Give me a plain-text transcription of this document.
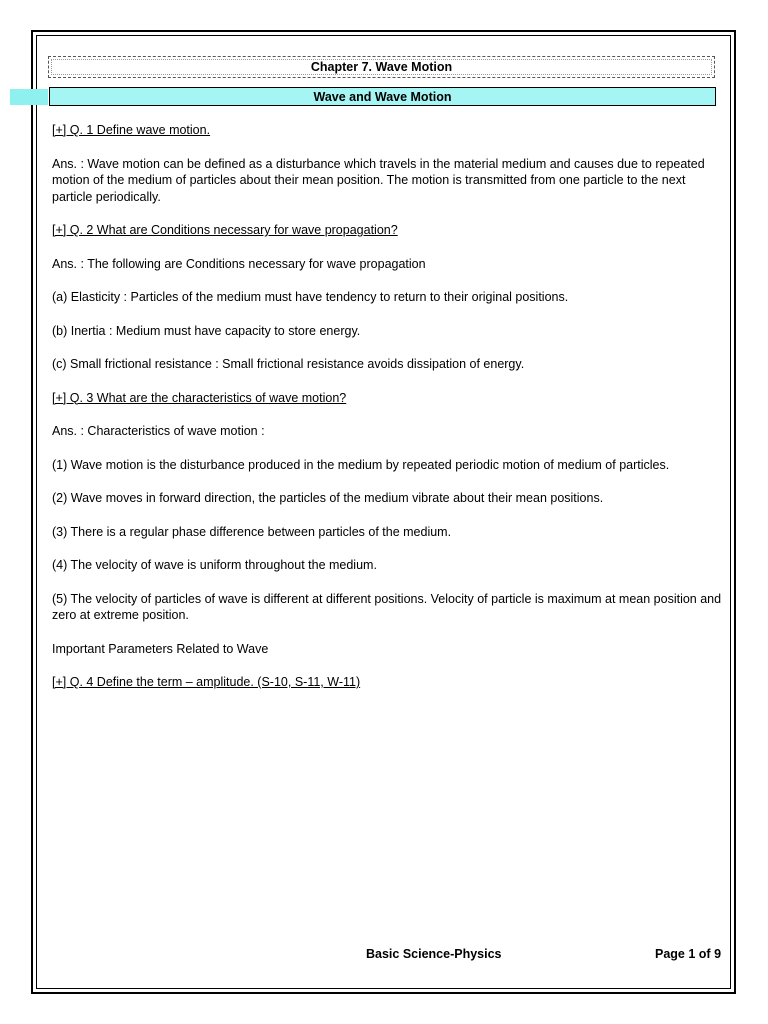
Chapter 7. Wave Motion
Wave and Wave Motion

[+] Q. 1 Define wave motion.

Ans. : Wave motion can be defined as a disturbance which travels in the material medium and causes due to repeated motion of the medium of particles about their mean position. The motion is transmitted from one particle to the next particle periodically.

[+] Q. 2 What are Conditions necessary for wave propagation?

Ans. : The following are Conditions necessary for wave propagation

(a) Elasticity : Particles of the medium must have tendency to return to their original positions.

(b) Inertia : Medium must have capacity to store energy.

(c) Small frictional resistance : Small frictional resistance avoids dissipation of energy.

[+] Q. 3 What are the characteristics of wave motion?

Ans. : Characteristics of wave motion :

(1) Wave motion is the disturbance produced in the medium by repeated periodic motion of medium of particles.

(2) Wave moves in forward direction, the particles of the medium vibrate about their mean positions.

(3) There is a regular phase difference between particles of the medium.

(4) The velocity of wave is uniform throughout the medium.

(5) The velocity of particles of wave is different at different positions. Velocity of particle is maximum at mean position and zero at extreme position.

Important Parameters Related to Wave

[+] Q. 4 Define the term – amplitude. (S-10, S-11, W-11)

Basic Science-Physics	Page 1 of 9
